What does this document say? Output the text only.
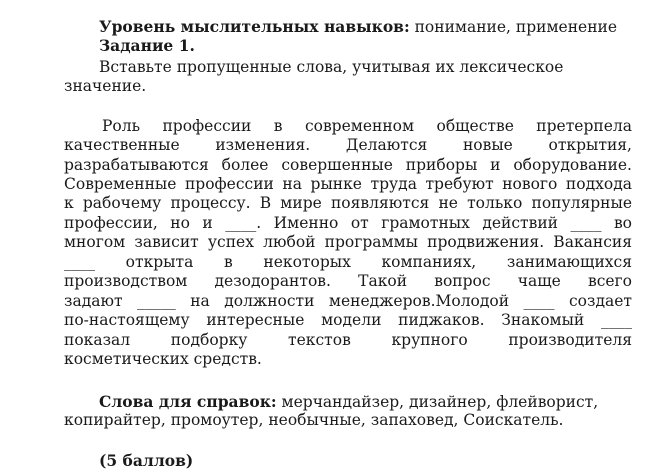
Уровень мыслительных навыков: понимание, применение
Задание 1.
Вставьте пропущенные слова, учитывая их лексическое
значение.
Роль профессии в современном обществе претерпела
качественные изменения. Делаются новые открытия,
разрабатываются более совершенные приборы и оборудование.
Современные профессии на рынке труда требуют нового подхода
к рабочему процессу. В мире появляются не только популярные
профессии, но и ____. Именно от грамотных действий ____ во
многом зависит успех любой программы продвижения. Вакансия
____ открыта в некоторых компаниях, занимающихся
производством дезодорантов. Такой вопрос чаще всего
задают _____ на должности менеджеров.Молодой ____ создает
по-настоящему интересные модели пиджаков. Знакомый ____
показал подборку текстов крупного производителя
косметических средств.
Слова для справок: мерчандайзер, дизайнер, флейворист,
копирайтер, промоутер, необычные, запаховед, Соискатель.
(5 баллов)
